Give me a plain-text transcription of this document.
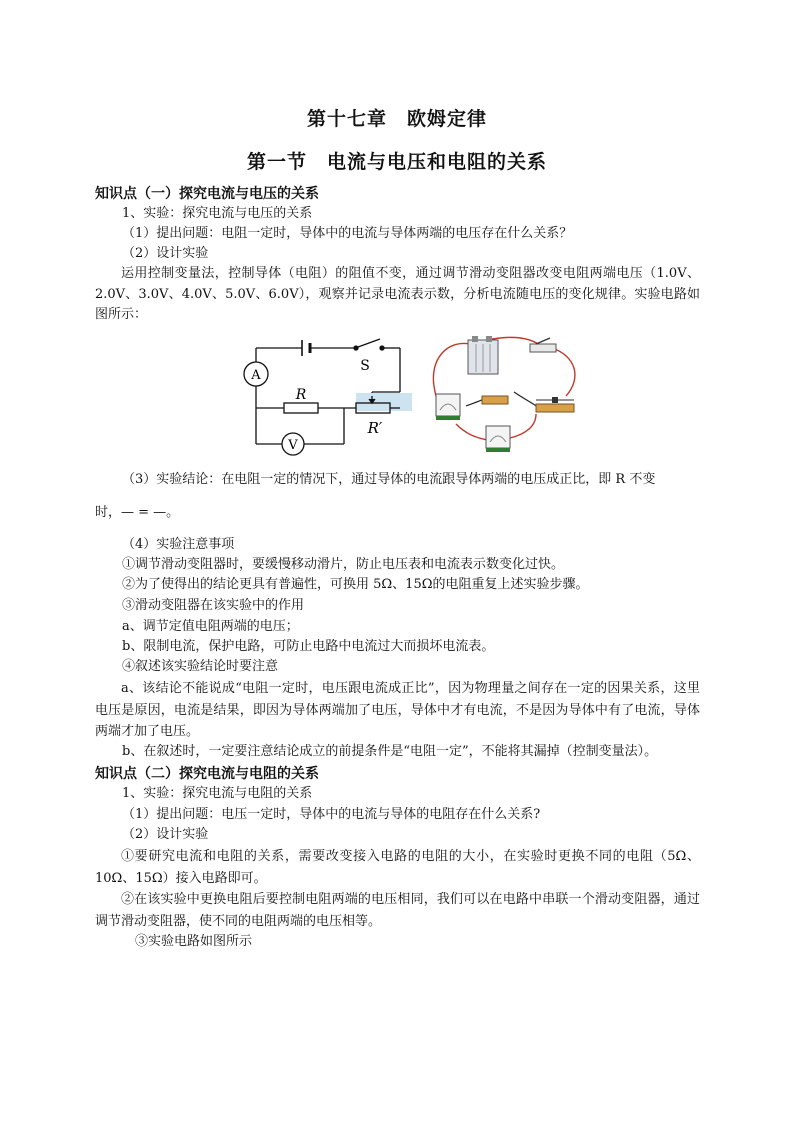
第十七章　欧姆定律
第一节　电流与电压和电阻的关系
知识点（一）探究电流与电压的关系
1、实验：探究电流与电压的关系
（1）提出问题：电阻一定时，导体中的电流与导体两端的电压存在什么关系？
（2）设计实验
运用控制变量法，控制导体（电阻）的阻值不变，通过调节滑动变阻器改变电阻两端电压（1.0V、2.0V、3.0V、4.0V、5.0V、6.0V），观察并记录电流表示数，分析电流随电压的变化规律。实验电路如图所示：
A
V
R
R′
S
（3）实验结论：在电阻一定的情况下，通过导体的电流跟导体两端的电压成正比，即 R 不变
时，— = —。
（4）实验注意事项
①调节滑动变阻器时，要缓慢移动滑片，防止电压表和电流表示数变化过快。
②为了使得出的结论更具有普遍性，可换用 5Ω、15Ω的电阻重复上述实验步骤。
③滑动变阻器在该实验中的作用
a、调节定值电阻两端的电压；
b、限制电流，保护电路，可防止电路中电流过大而损坏电流表。
④叙述该实验结论时要注意
a、该结论不能说成“电阻一定时，电压跟电流成正比”，因为物理量之间存在一定的因果关系，这里电压是原因，电流是结果，即因为导体两端加了电压，导体中才有电流，不是因为导体中有了电流，导体两端才加了电压。
b、在叙述时，一定要注意结论成立的前提条件是“电阻一定”，不能将其漏掉（控制变量法）。
知识点（二）探究电流与电阻的关系
1、实验：探究电流与电阻的关系
（1）提出问题：电压一定时，导体中的电流与导体的电阻存在什么关系?
（2）设计实验
①要研究电流和电阻的关系，需要改变接入电路的电阻的大小，在实验时更换不同的电阻（5Ω、10Ω、15Ω）接入电路即可。
②在该实验中更换电阻后要控制电阻两端的电压相同，我们可以在电路中串联一个滑动变阻器，通过调节滑动变阻器，使不同的电阻两端的电压相等。
③实验电路如图所示
